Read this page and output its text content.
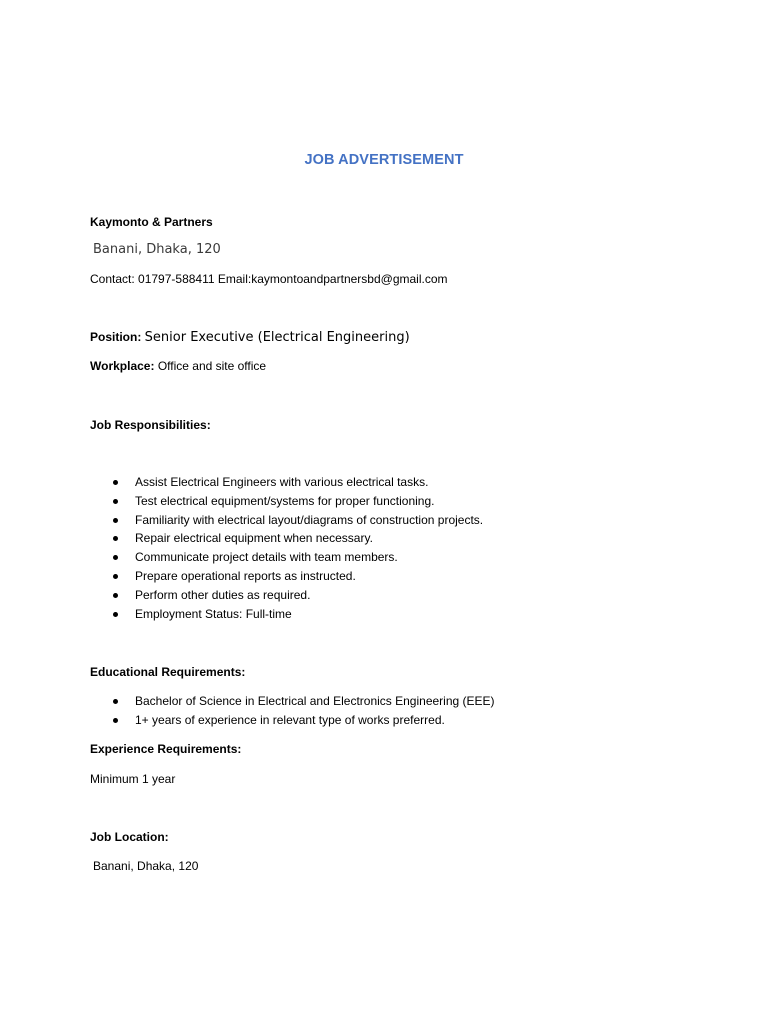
JOB ADVERTISEMENT
Kaymonto & Partners
Banani, Dhaka, 120
Contact: 01797-588411 Email:kaymontoandpartnersbd@gmail.com
Position: Senior Executive (Electrical Engineering)
Workplace: Office and site office
Job Responsibilities:
Assist Electrical Engineers with various electrical tasks.
Test electrical equipment/systems for proper functioning.
Familiarity with electrical layout/diagrams of construction projects.
Repair electrical equipment when necessary.
Communicate project details with team members.
Prepare operational reports as instructed.
Perform other duties as required.
Employment Status: Full-time
Educational Requirements:
Bachelor of Science in Electrical and Electronics Engineering (EEE)
1+ years of experience in relevant type of works preferred.
Experience Requirements:
Minimum 1 year
Job Location:
Banani, Dhaka, 120
